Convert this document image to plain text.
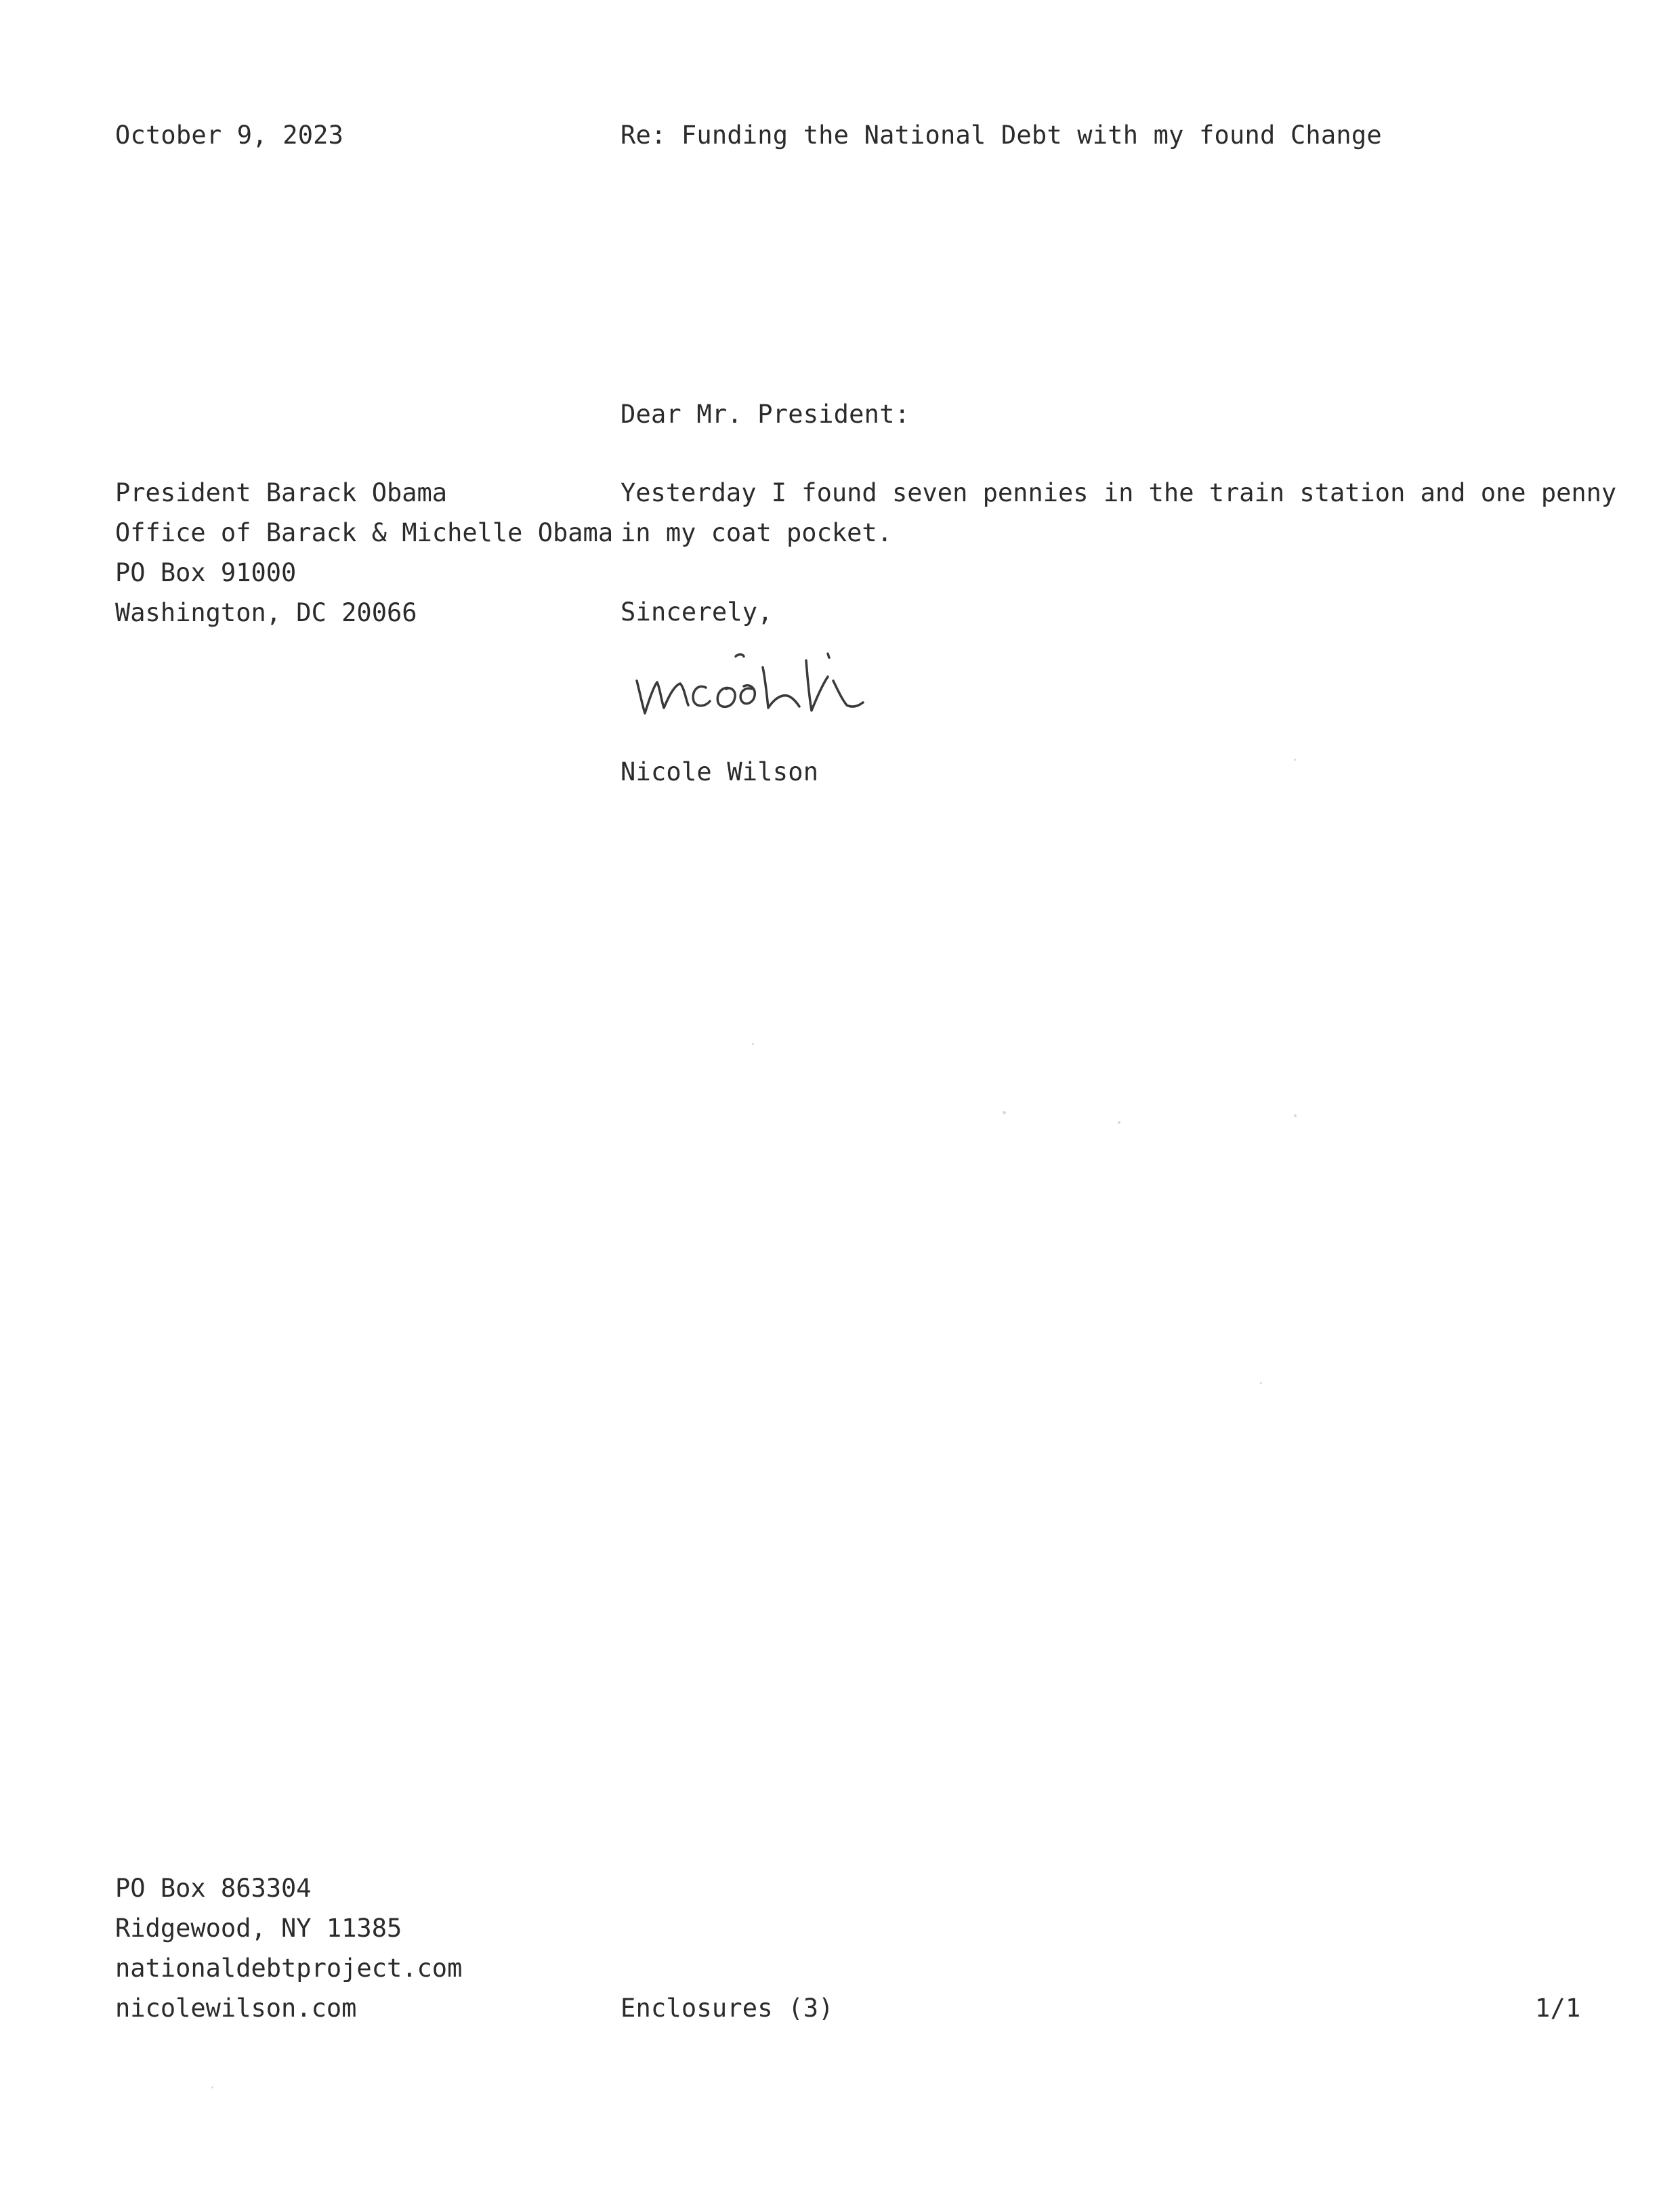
October 9, 2023	Re: Funding the National Debt with my found Change
Dear Mr. President:
President Barack Obama
Office of Barack & Michelle Obama
PO Box 91000
Washington, DC 20066
Yesterday I found seven pennies in the train station and one penny
in my coat pocket.
Sincerely,
Nicole Wilson
PO Box 863304
Ridgewood, NY 11385
nationaldebtproject.com
nicolewilson.com	Enclosures (3)	1/1
